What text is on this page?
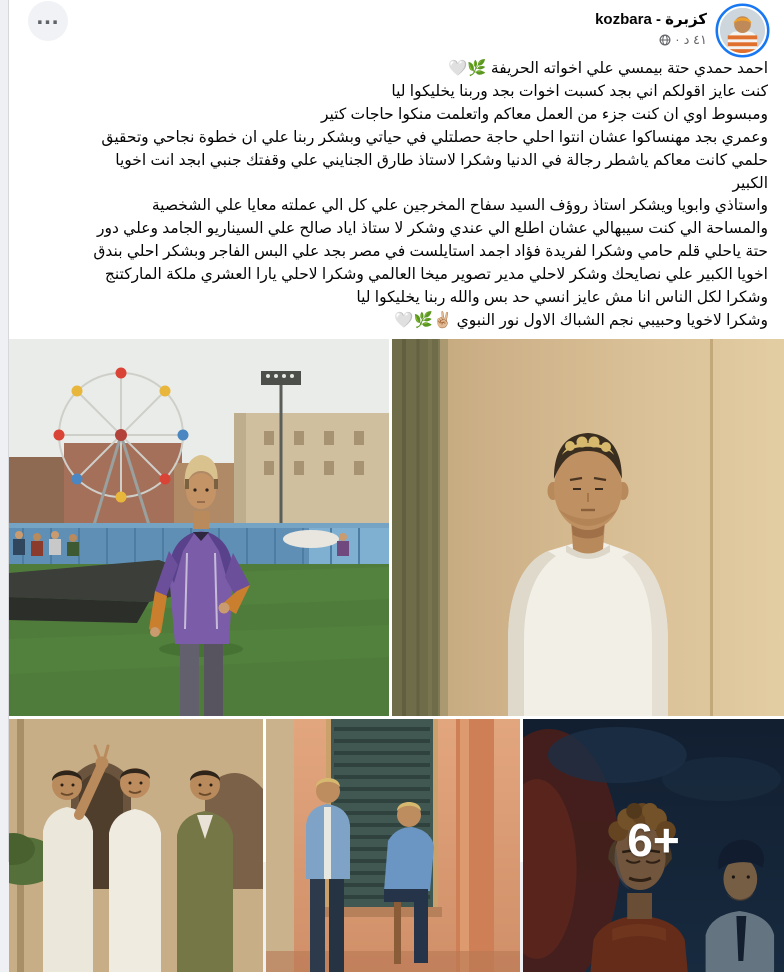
كزبرة - kozbara
٤١ د
·
…
احمد حمدي حتة بيمسي علي اخواته الحريفة 🌿🤍
كنت عايز اقولكم اني بجد كسبت اخوات بجد وربنا يخليكوا ليا
ومبسوط اوي ان كنت جزء من العمل معاكم واتعلمت منكوا حاجات كتير
وعمري بجد مهنساكوا عشان انتوا احلي حاجة حصلتلي في حياتي وبشكر ربنا علي ان خطوة نجاحي وتحقيق
حلمي كانت معاكم ياشطر رجالة في الدنيا وشكرا لاستاذ طارق الجنايني علي وقفتك جنبي ابجد انت اخويا
الكبير
واستاذي وابويا ويشكر استاذ روؤف السيد سفاح المخرجين علي كل الي عملته معايا علي الشخصية
والمساحة الي كنت سيبهالي عشان اطلع الي عندي وشكر لا ستاذ اياد صالح علي السيناريو الجامد وعلي دور
حتة ياحلي قلم حامي وشكرا لفريدة فؤاد اجمد استايلست في مصر بجد علي البس الفاجر وبشكر احلي بندق
اخويا الكبير علي نصايحك وشكر لاحلي مدير تصوير ميخا العالمي وشكرا لاحلي يارا العشري ملكة الماركتنج
وشكرا لكل الناس انا مش عايز انسي حد بس والله ربنا يخليكوا ليا
وشكرا لاخويا وحبيبي نجم الشباك الاول نور النبوي ✌🏼🌿🤍
6+
